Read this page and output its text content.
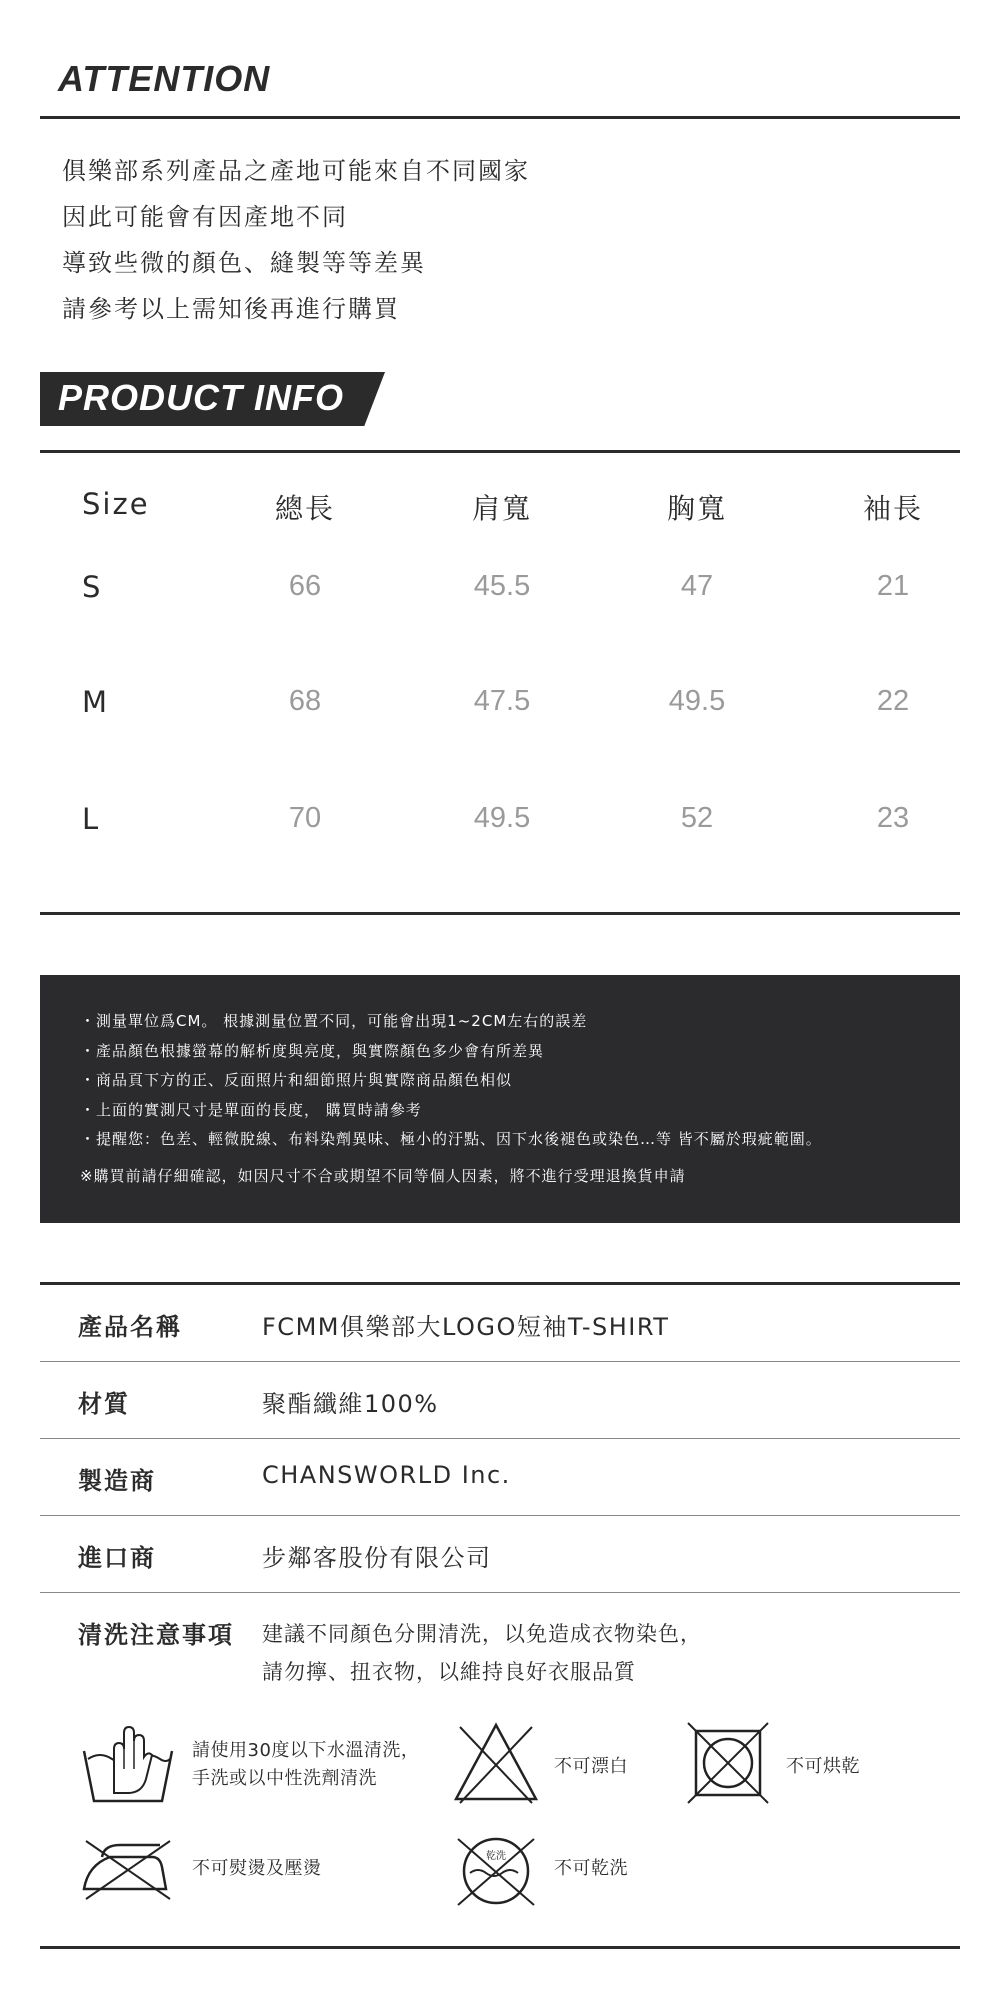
ATTENTION
俱樂部系列產品之產地可能來自不同國家
因此可能會有因產地不同
導致些微的顏色、縫製等等差異
請參考以上需知後再進行購買
PRODUCT INFO
Size	總長	肩寬	胸寬	袖長
S	66	45.5	47	21
M	68	47.5	49.5	22
L	70	49.5	52	23
・測量單位爲CM。 根據測量位置不同，可能會出現1~2CM左右的誤差
・產品顏色根據螢幕的解析度與亮度，與實際顏色多少會有所差異
・商品頁下方的正、反面照片和細節照片與實際商品顏色相似
・上面的實測尺寸是單面的長度， 購買時請參考
・提醒您：色差、輕微脫線、布料染劑異味、極小的汙點、因下水後褪色或染色…等 皆不屬於瑕疵範圍。
※購買前請仔細確認，如因尺寸不合或期望不同等個人因素，將不進行受理退換貨申請
產品名稱	FCMM俱樂部大LOGO短袖T-SHIRT
材質	聚酯纖維100%
製造商	CHANSWORLD Inc.
進口商	步鄰客股份有限公司
清洗注意事項 建議不同顏色分開清洗，以免造成衣物染色，
請勿擰、扭衣物，以維持良好衣服品質
請使用30度以下水溫清洗，
手洗或以中性洗劑清洗
不可漂白	不可烘乾
不可熨燙及壓燙
乾洗
不可乾洗
